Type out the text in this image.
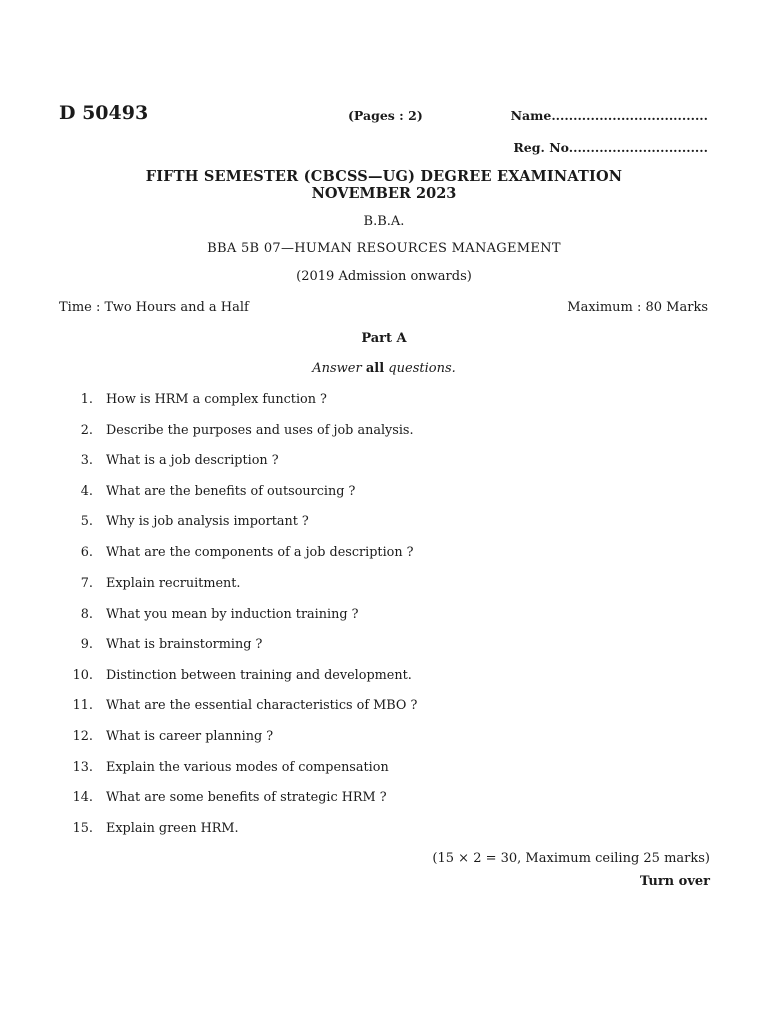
D 50493	(Pages : 2)	Name....................................
Reg. No................................
FIFTH SEMESTER (CBCSS—UG) DEGREE EXAMINATION
NOVEMBER 2023
B.B.A.
BBA 5B 07—HUMAN RESOURCES MANAGEMENT
(2019 Admission onwards)
Time : Two Hours and a Half	Maximum : 80 Marks
Part A
Answer all questions.
1. How is HRM a complex function ?
2. Describe the purposes and uses of job analysis.
3. What is a job description ?
4. What are the benefits of outsourcing ?
5. Why is job analysis important ?
6. What are the components of a job description ?
7. Explain recruitment.
8. What you mean by induction training ?
9. What is brainstorming ?
10. Distinction between training and development.
11. What are the essential characteristics of MBO ?
12. What is career planning ?
13. Explain the various modes of compensation
14. What are some benefits of strategic HRM ?
15. Explain green HRM.
(15 × 2 = 30, Maximum ceiling 25 marks)
Turn over
